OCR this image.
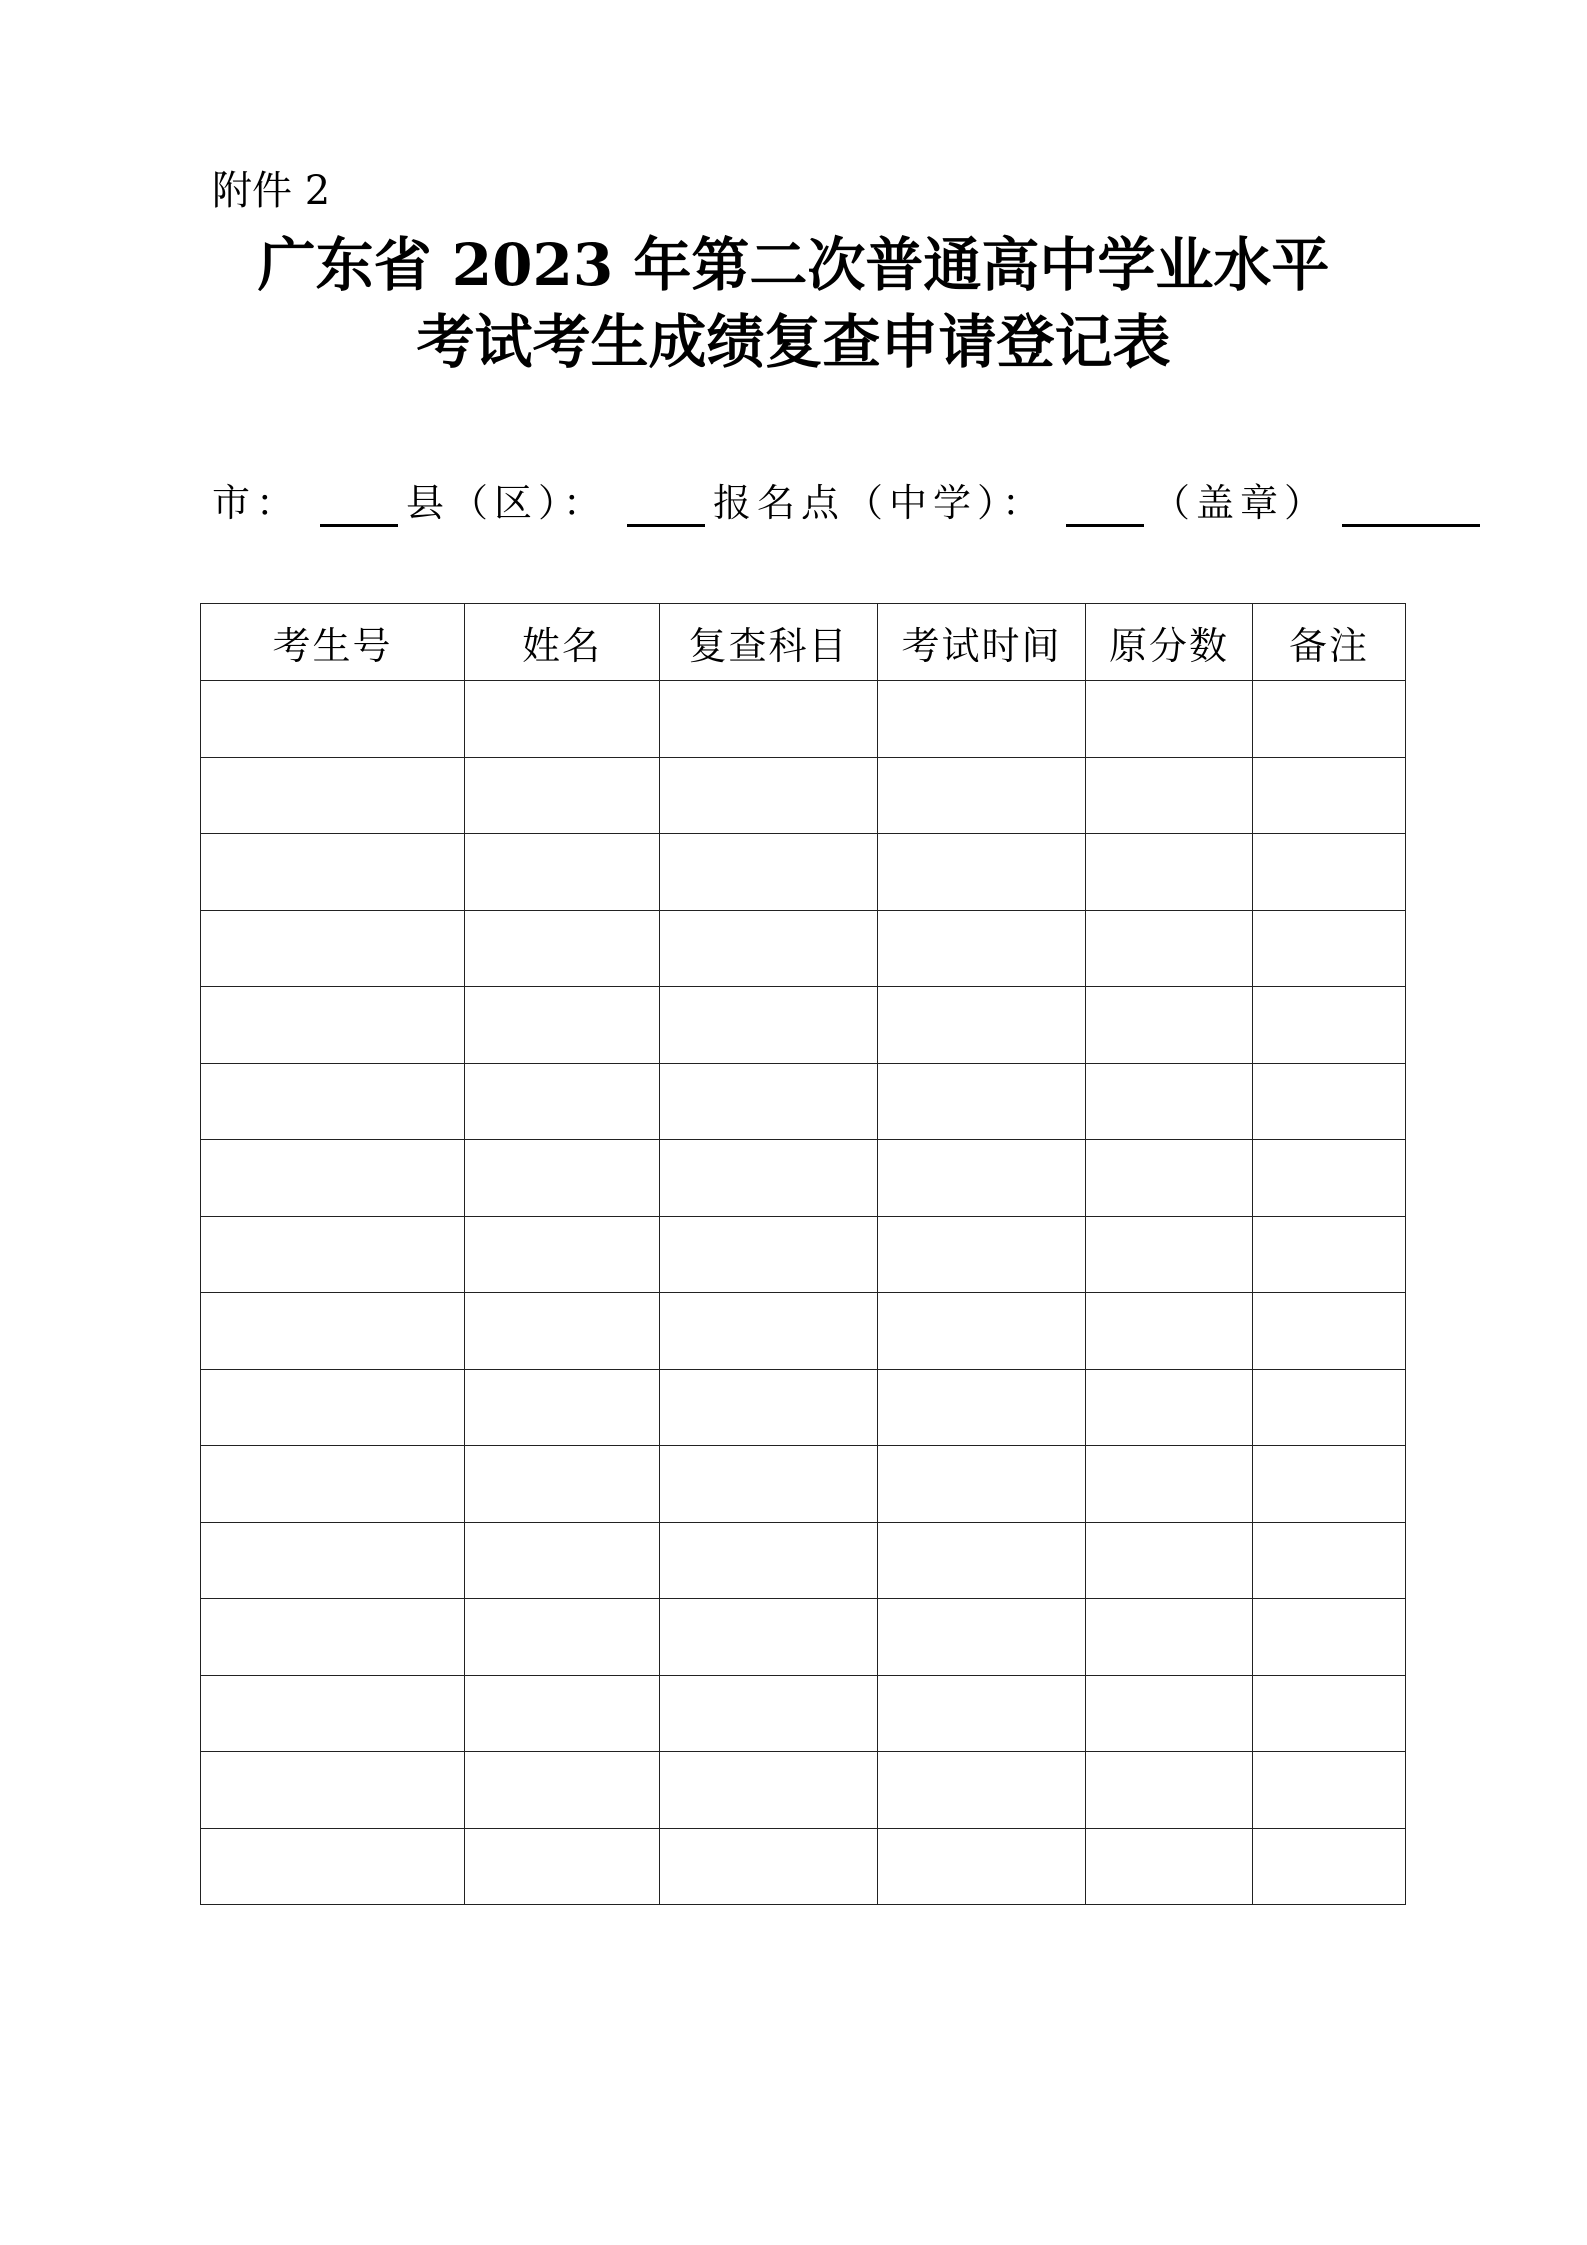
附件 2
广东省 2023 年第二次普通高中学业水平
考试考生成绩复查申请登记表
市：	县（区）：	报名点（中学）：	（盖章）
考生号	姓名	复查科目	考试时间	原分数	备注
